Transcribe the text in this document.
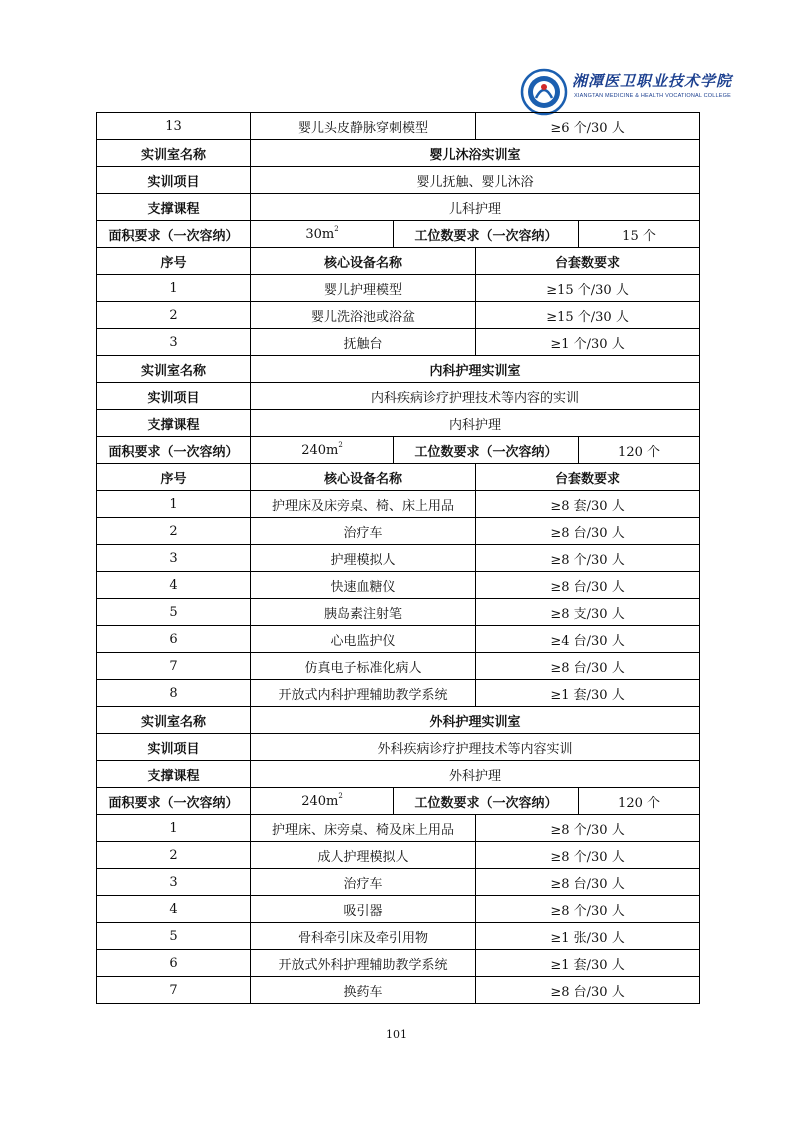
湘潭医卫职业技术学院
XIANGTAN MEDICINE & HEALTH VOCATIONAL COLLEGE
13	婴儿头皮静脉穿刺模型		≥6 个/30 人	
实训室名称	婴儿沐浴实训室			
实训项目	婴儿抚触、婴儿沐浴			
支撑课程	儿科护理			
面积要求（一次容纳）	$30m^2$	工位数要求（一次容纳）		15 个
序号	核心设备名称		台套数要求	
1	婴儿护理模型		≥15 个/30 人	
2	婴儿洗浴池或浴盆		≥15 个/30 人	
3	抚触台		≥1 个/30 人	
实训室名称	内科护理实训室			
实训项目	内科疾病诊疗护理技术等内容的实训			
支撑课程	内科护理			
面积要求（一次容纳）	$240m^2$	工位数要求（一次容纳）		120 个
序号	核心设备名称		台套数要求	
1	护理床及床旁桌、椅、床上用品		≥8 套/30 人	
2	治疗车		≥8 台/30 人	
3	护理模拟人		≥8 个/30 人	
4	快速血糖仪		≥8 台/30 人	
5	胰岛素注射笔		≥8 支/30 人	
6	心电监护仪		≥4 台/30 人	
7	仿真电子标准化病人		≥8 台/30 人	
8	开放式内科护理辅助教学系统		≥1 套/30 人	
实训室名称	外科护理实训室			
实训项目	外科疾病诊疗护理技术等内容实训			
支撑课程	外科护理			
面积要求（一次容纳）	$240m^2$	工位数要求（一次容纳）		120 个
1	护理床、床旁桌、椅及床上用品		≥8 个/30 人	
2	成人护理模拟人		≥8 个/30 人	
3	治疗车		≥8 台/30 人	
4	吸引器		≥8 个/30 人	
5	骨科牵引床及牵引用物		≥1 张/30 人	
6	开放式外科护理辅助教学系统		≥1 套/30 人	
7	换药车		≥8 台/30 人	
101
